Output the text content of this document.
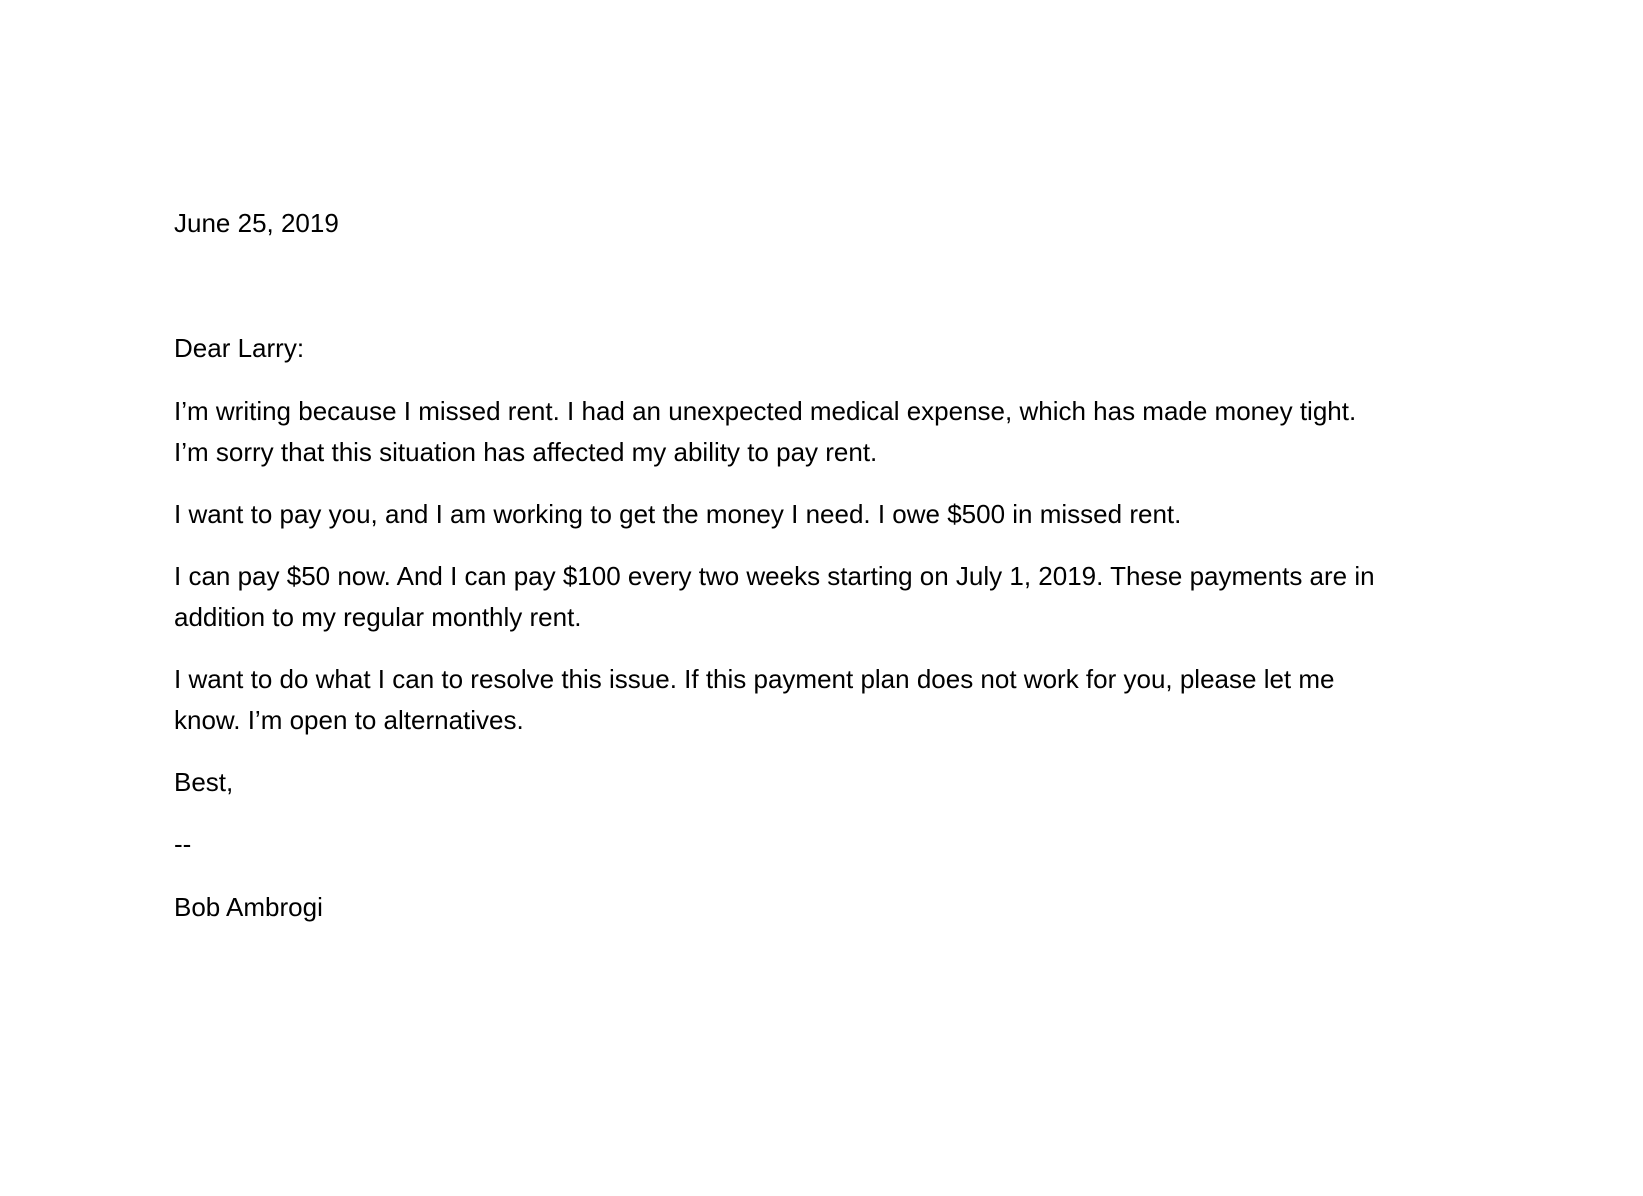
June 25, 2019
Dear Larry:
I’m writing because I missed rent. I had an unexpected medical expense, which has made money tight.
I’m sorry that this situation has affected my ability to pay rent.
I want to pay you, and I am working to get the money I need. I owe $500 in missed rent.
I can pay $50 now. And I can pay $100 every two weeks starting on July 1, 2019. These payments are in
addition to my regular monthly rent.
I want to do what I can to resolve this issue. If this payment plan does not work for you, please let me
know. I’m open to alternatives.
Best,
--
Bob Ambrogi
